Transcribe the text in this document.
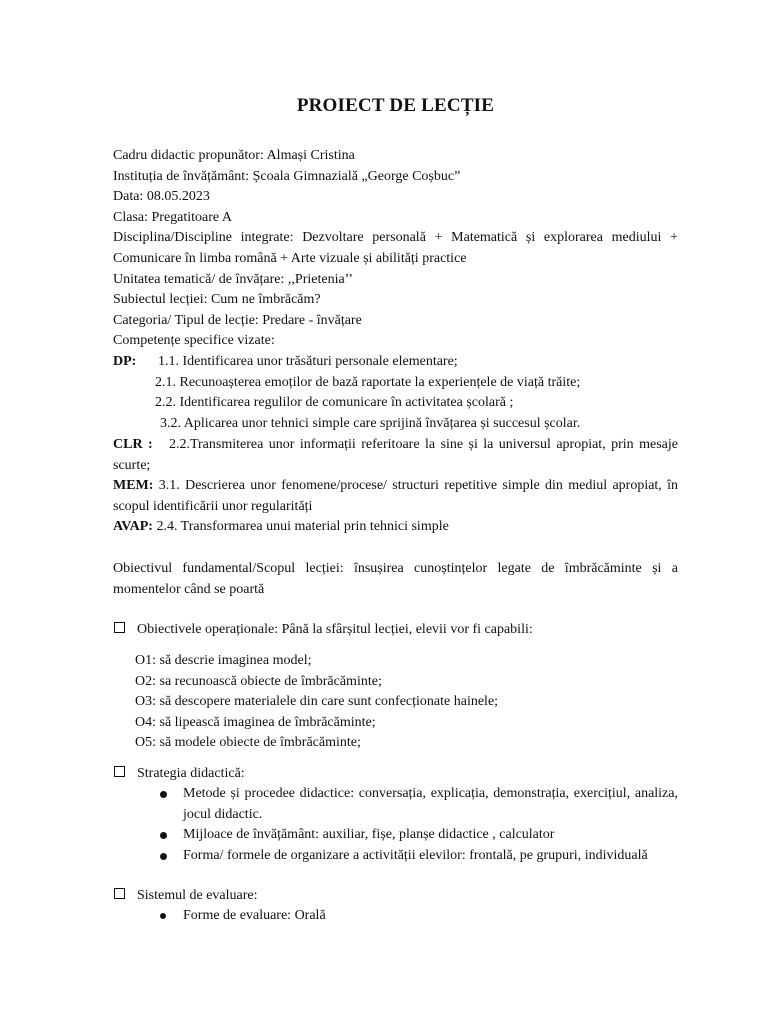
PROIECT DE LECȚIE
Cadru didactic propunător: Almași Cristina
Instituția de învățământ: Școala Gimnazială „George Coșbuc”
Data: 08.05.2023
Clasa: Pregatitoare A
Disciplina/Discipline integrate: Dezvoltare personală + Matematică și explorarea mediului + Comunicare în limba română + Arte vizuale și abilități practice
Unitatea tematică/ de învățare: ,,Prietenia’’
Subiectul lecției: Cum ne îmbrăcăm?
Categoria/ Tipul de lecție: Predare - învățare
Competențe specifice vizate:
DP: 1.1. Identificarea unor trăsături personale elementare;
2.1. Recunoașterea emoților de bază raportate la experiențele de viață trăite;
2.2. Identificarea regulilor de comunicare în activitatea școlară ;
3.2. Aplicarea unor tehnici simple care sprijină învățarea și succesul școlar.
CLR : 2.2.Transmiterea unor informații referitoare la sine și la universul apropiat, prin mesaje scurte;
MEM: 3.1. Descrierea unor fenomene/procese/ structuri repetitive simple din mediul apropiat, în scopul identificării unor regularități
AVAP: 2.4. Transformarea unui material prin tehnici simple
Obiectivul fundamental/Scopul lecției: însușirea cunoștințelor legate de îmbrăcăminte și a momentelor când se poartă
Obiectivele operaționale: Până la sfârșitul lecției, elevii vor fi capabili:
O1: să descrie imaginea model;
O2: sa recunoască obiecte de îmbrăcăminte;
O3: să descopere materialele din care sunt confecționate hainele;
O4: să lipească imaginea de îmbrăcăminte;
O5: să modele obiecte de îmbrăcăminte;
Strategia didactică:
Metode și procedee didactice: conversația, explicația, demonstrația, exercițiul, analiza, jocul didactic.
Mijloace de învățământ: auxiliar, fișe, planșe didactice , calculator
Forma/ formele de organizare a activității elevilor: frontală, pe grupuri, individuală
Sistemul de evaluare:
Forme de evaluare: Orală
